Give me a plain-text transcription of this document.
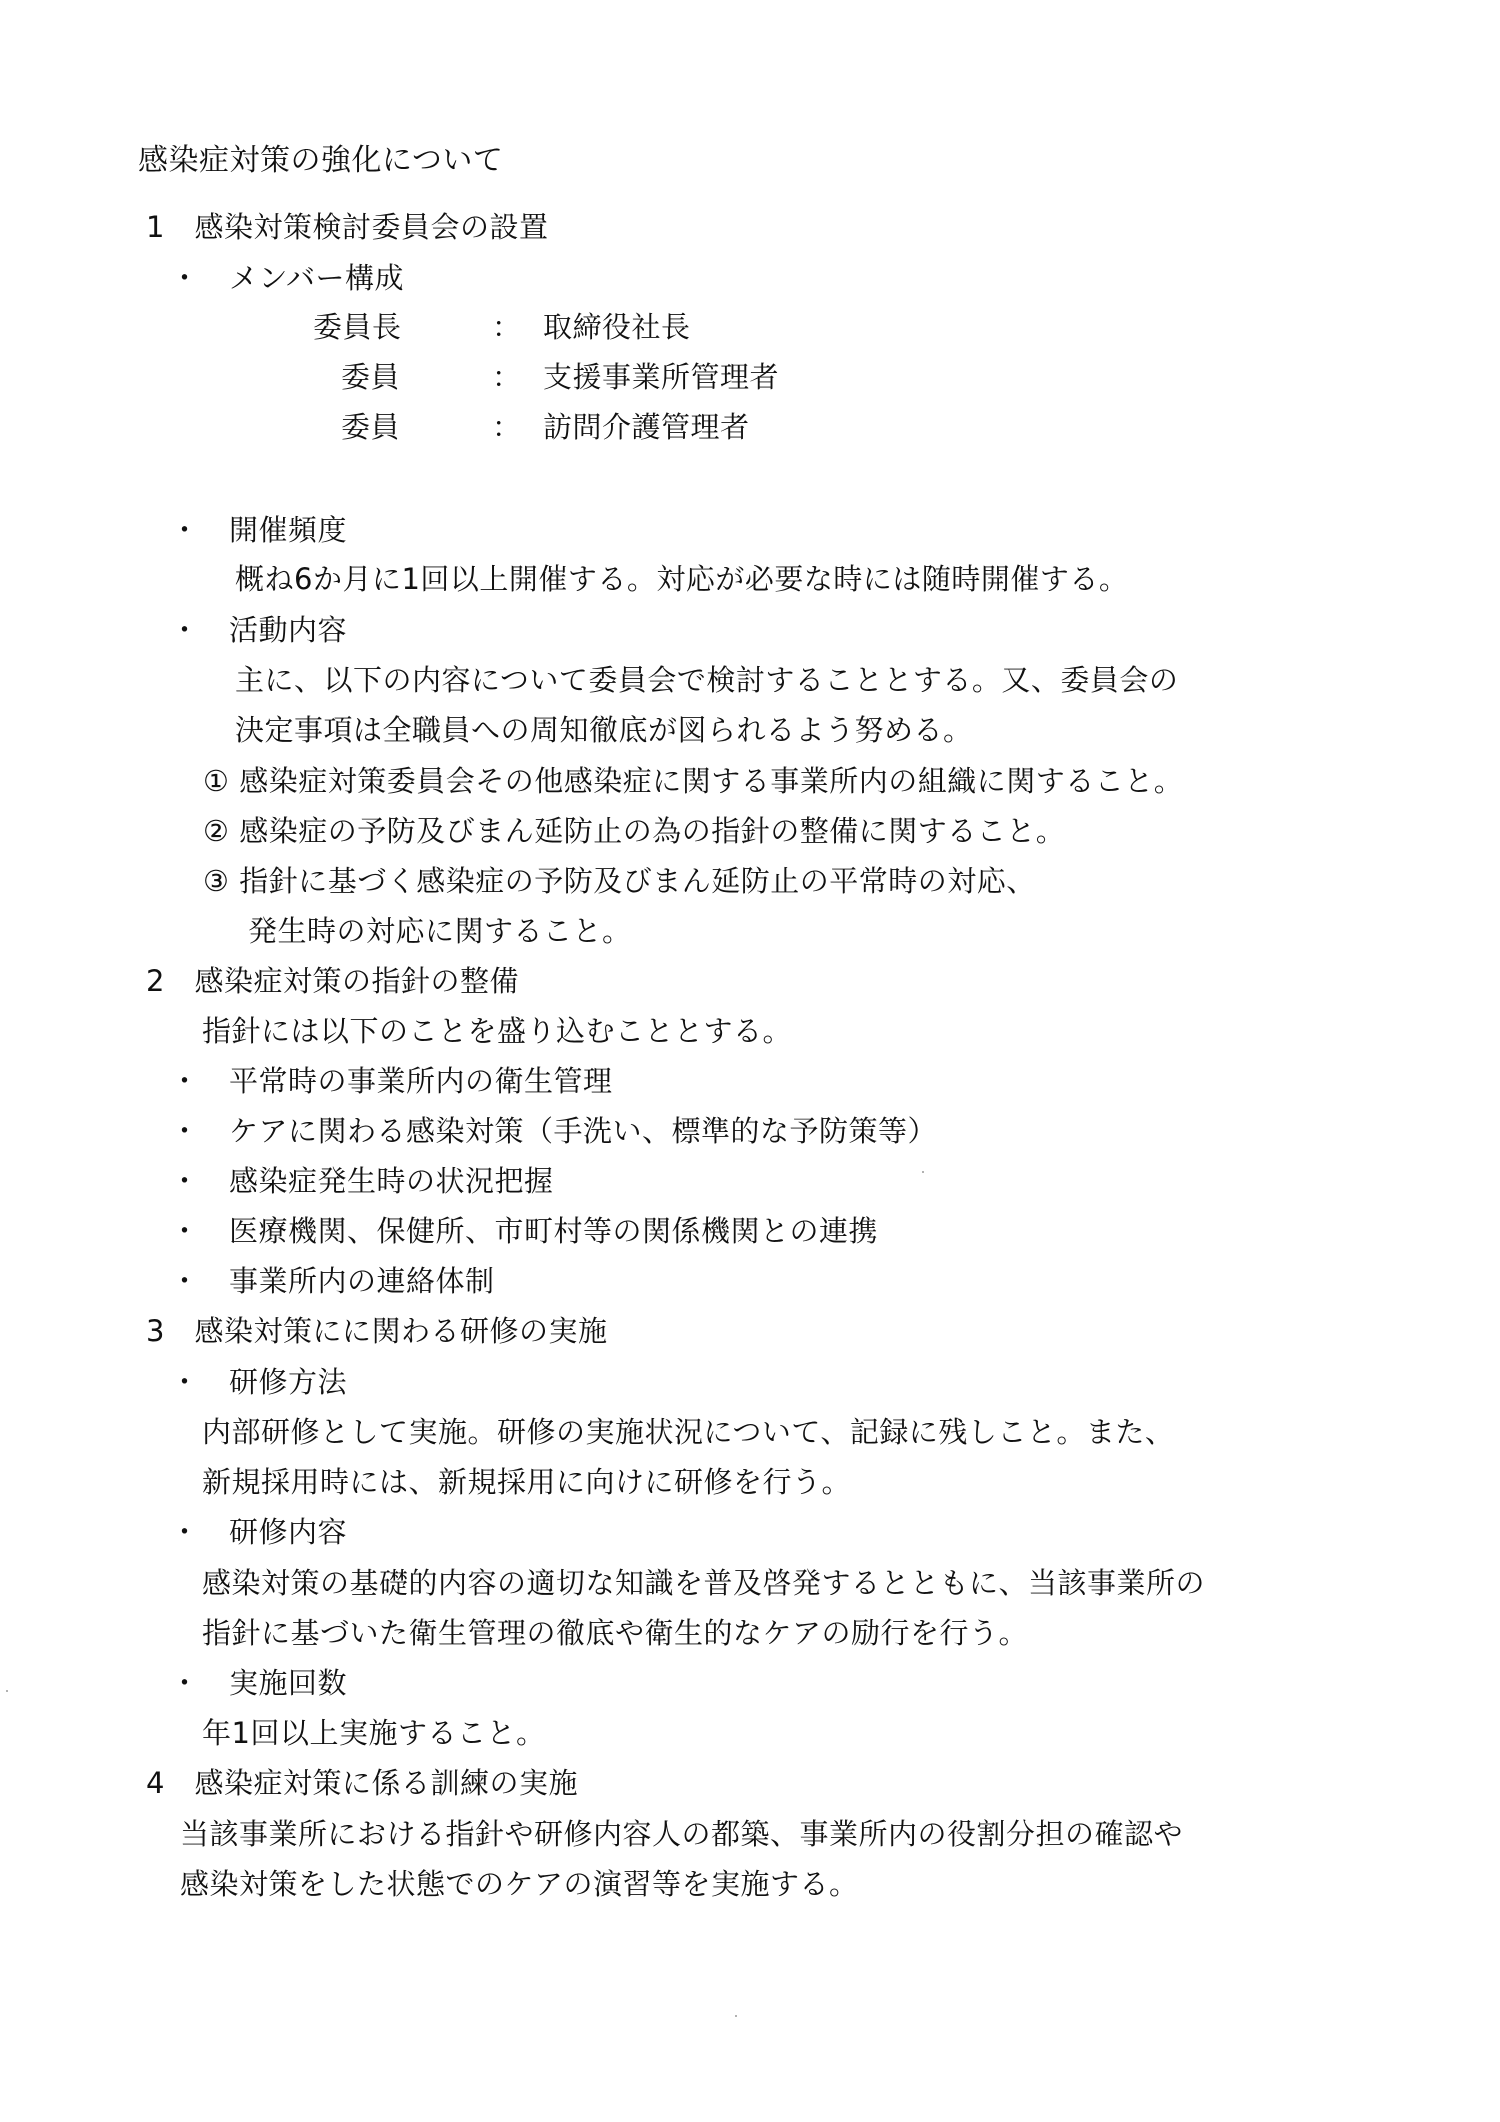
感染症対策の強化について
1　感染対策検討委員会の設置
・　メンバー構成
委員長	： 取締役社長
委員	： 支援事業所管理者
委員	： 訪問介護管理者
・　開催頻度
概ね6か月に1回以上開催する。対応が必要な時には随時開催する。
・　活動内容
主に、以下の内容について委員会で検討することとする。又、委員会の
決定事項は全職員への周知徹底が図られるよう努める。
① 感染症対策委員会その他感染症に関する事業所内の組織に関すること。
② 感染症の予防及びまん延防止の為の指針の整備に関すること。
③ 指針に基づく感染症の予防及びまん延防止の平常時の対応、
発生時の対応に関すること。
2　感染症対策の指針の整備
指針には以下のことを盛り込むこととする。
・　平常時の事業所内の衛生管理
・　ケアに関わる感染対策（手洗い、標準的な予防策等）
・　感染症発生時の状況把握
・　医療機関、保健所、市町村等の関係機関との連携
・　事業所内の連絡体制
3　感染対策にに関わる研修の実施
・　研修方法
内部研修として実施。研修の実施状況について、記録に残しこと。また、
新規採用時には、新規採用に向けに研修を行う。
・　研修内容
感染対策の基礎的内容の適切な知識を普及啓発するとともに、当該事業所の
指針に基づいた衛生管理の徹底や衛生的なケアの励行を行う。
・　実施回数
年1回以上実施すること。
4　感染症対策に係る訓練の実施
当該事業所における指針や研修内容人の都築、事業所内の役割分担の確認や
感染対策をした状態でのケアの演習等を実施する。
